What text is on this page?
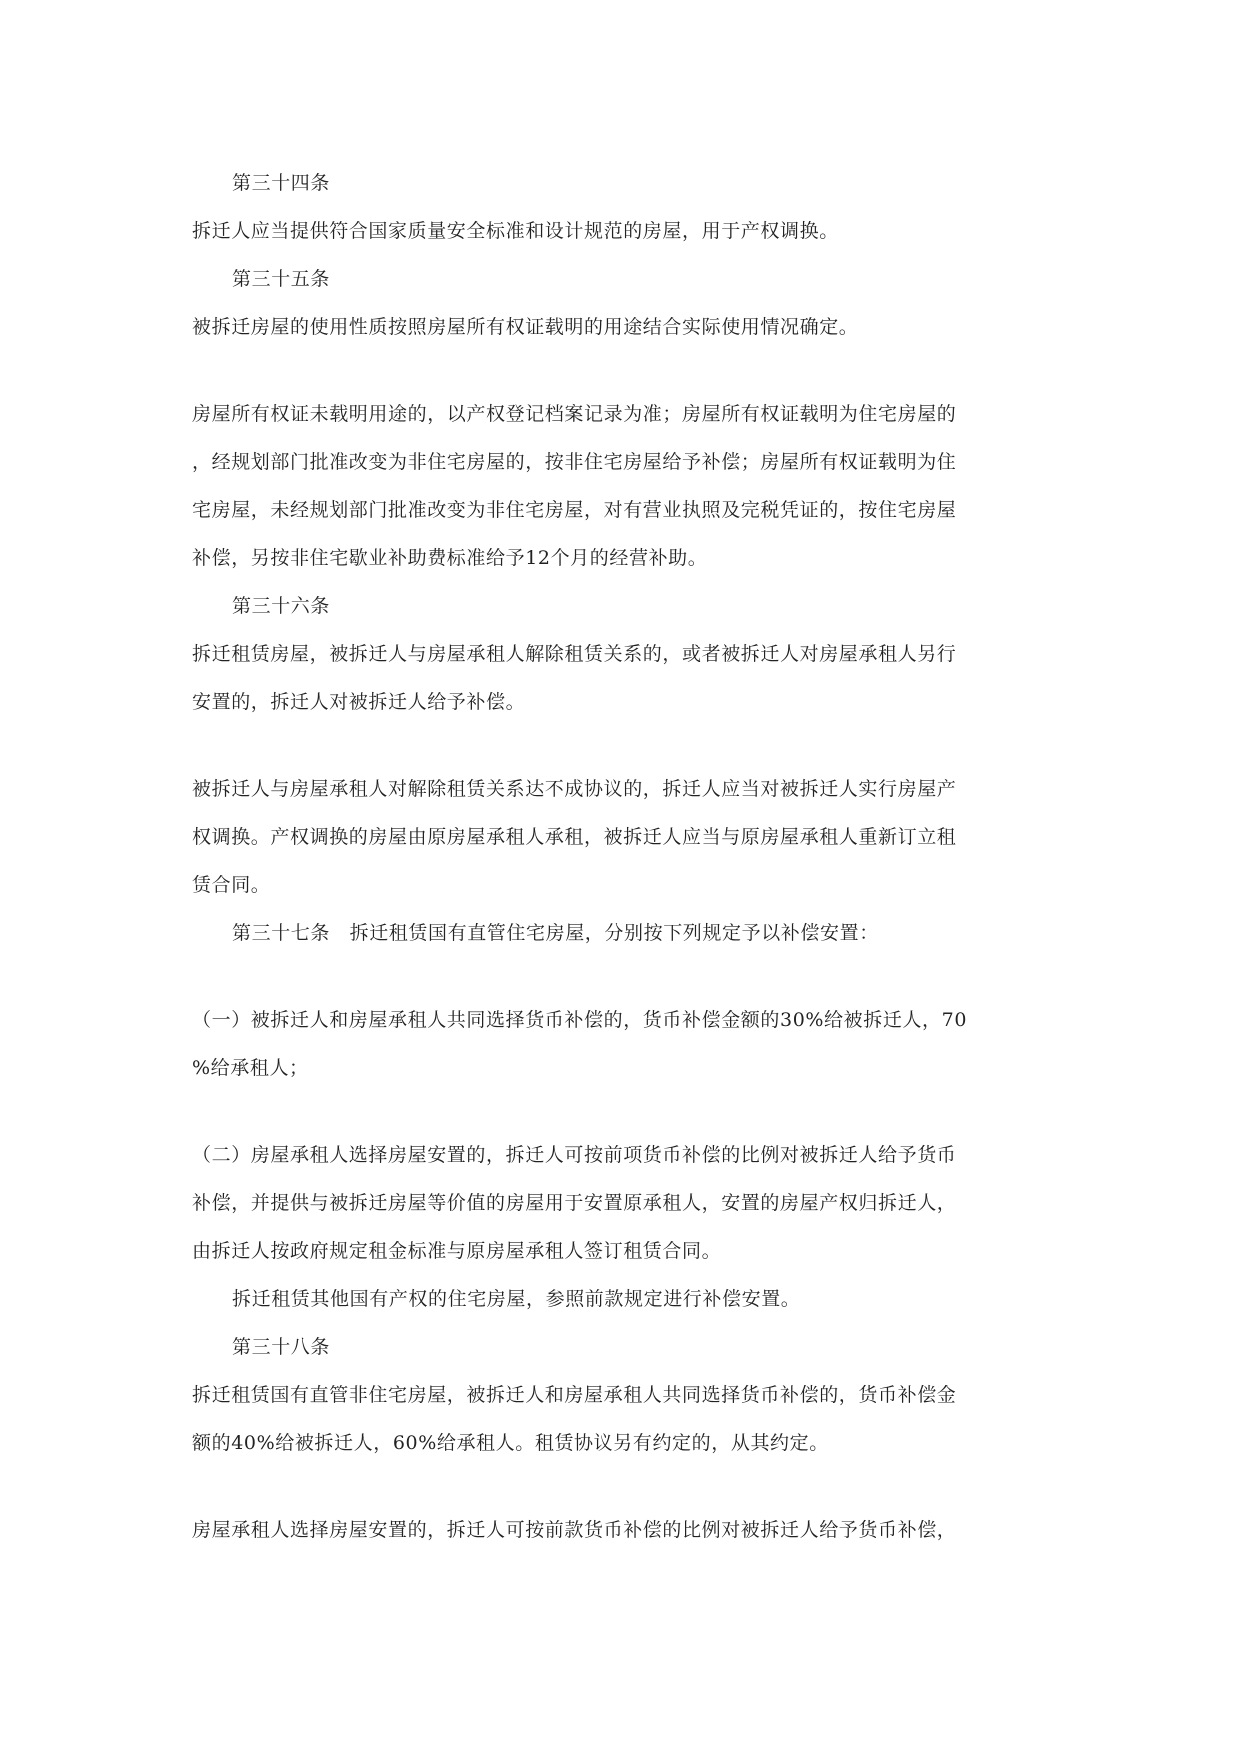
第三十四条
拆迁人应当提供符合国家质量安全标准和设计规范的房屋，用于产权调换。
第三十五条
被拆迁房屋的使用性质按照房屋所有权证载明的用途结合实际使用情况确定。
房屋所有权证未载明用途的，以产权登记档案记录为准；房屋所有权证载明为住宅房屋的
，经规划部门批准改变为非住宅房屋的，按非住宅房屋给予补偿；房屋所有权证载明为住
宅房屋，未经规划部门批准改变为非住宅房屋，对有营业执照及完税凭证的，按住宅房屋
补偿，另按非住宅歇业补助费标准给予12个月的经营补助。
第三十六条
拆迁租赁房屋，被拆迁人与房屋承租人解除租赁关系的，或者被拆迁人对房屋承租人另行
安置的，拆迁人对被拆迁人给予补偿。
被拆迁人与房屋承租人对解除租赁关系达不成协议的，拆迁人应当对被拆迁人实行房屋产
权调换。产权调换的房屋由原房屋承租人承租，被拆迁人应当与原房屋承租人重新订立租
赁合同。
第三十七条　拆迁租赁国有直管住宅房屋，分别按下列规定予以补偿安置：
（一）被拆迁人和房屋承租人共同选择货币补偿的，货币补偿金额的30%给被拆迁人，70
%给承租人；
（二）房屋承租人选择房屋安置的，拆迁人可按前项货币补偿的比例对被拆迁人给予货币
补偿，并提供与被拆迁房屋等价值的房屋用于安置原承租人，安置的房屋产权归拆迁人，
由拆迁人按政府规定租金标准与原房屋承租人签订租赁合同。
拆迁租赁其他国有产权的住宅房屋，参照前款规定进行补偿安置。
第三十八条
拆迁租赁国有直管非住宅房屋，被拆迁人和房屋承租人共同选择货币补偿的，货币补偿金
额的40%给被拆迁人，60%给承租人。租赁协议另有约定的，从其约定。
房屋承租人选择房屋安置的，拆迁人可按前款货币补偿的比例对被拆迁人给予货币补偿，
